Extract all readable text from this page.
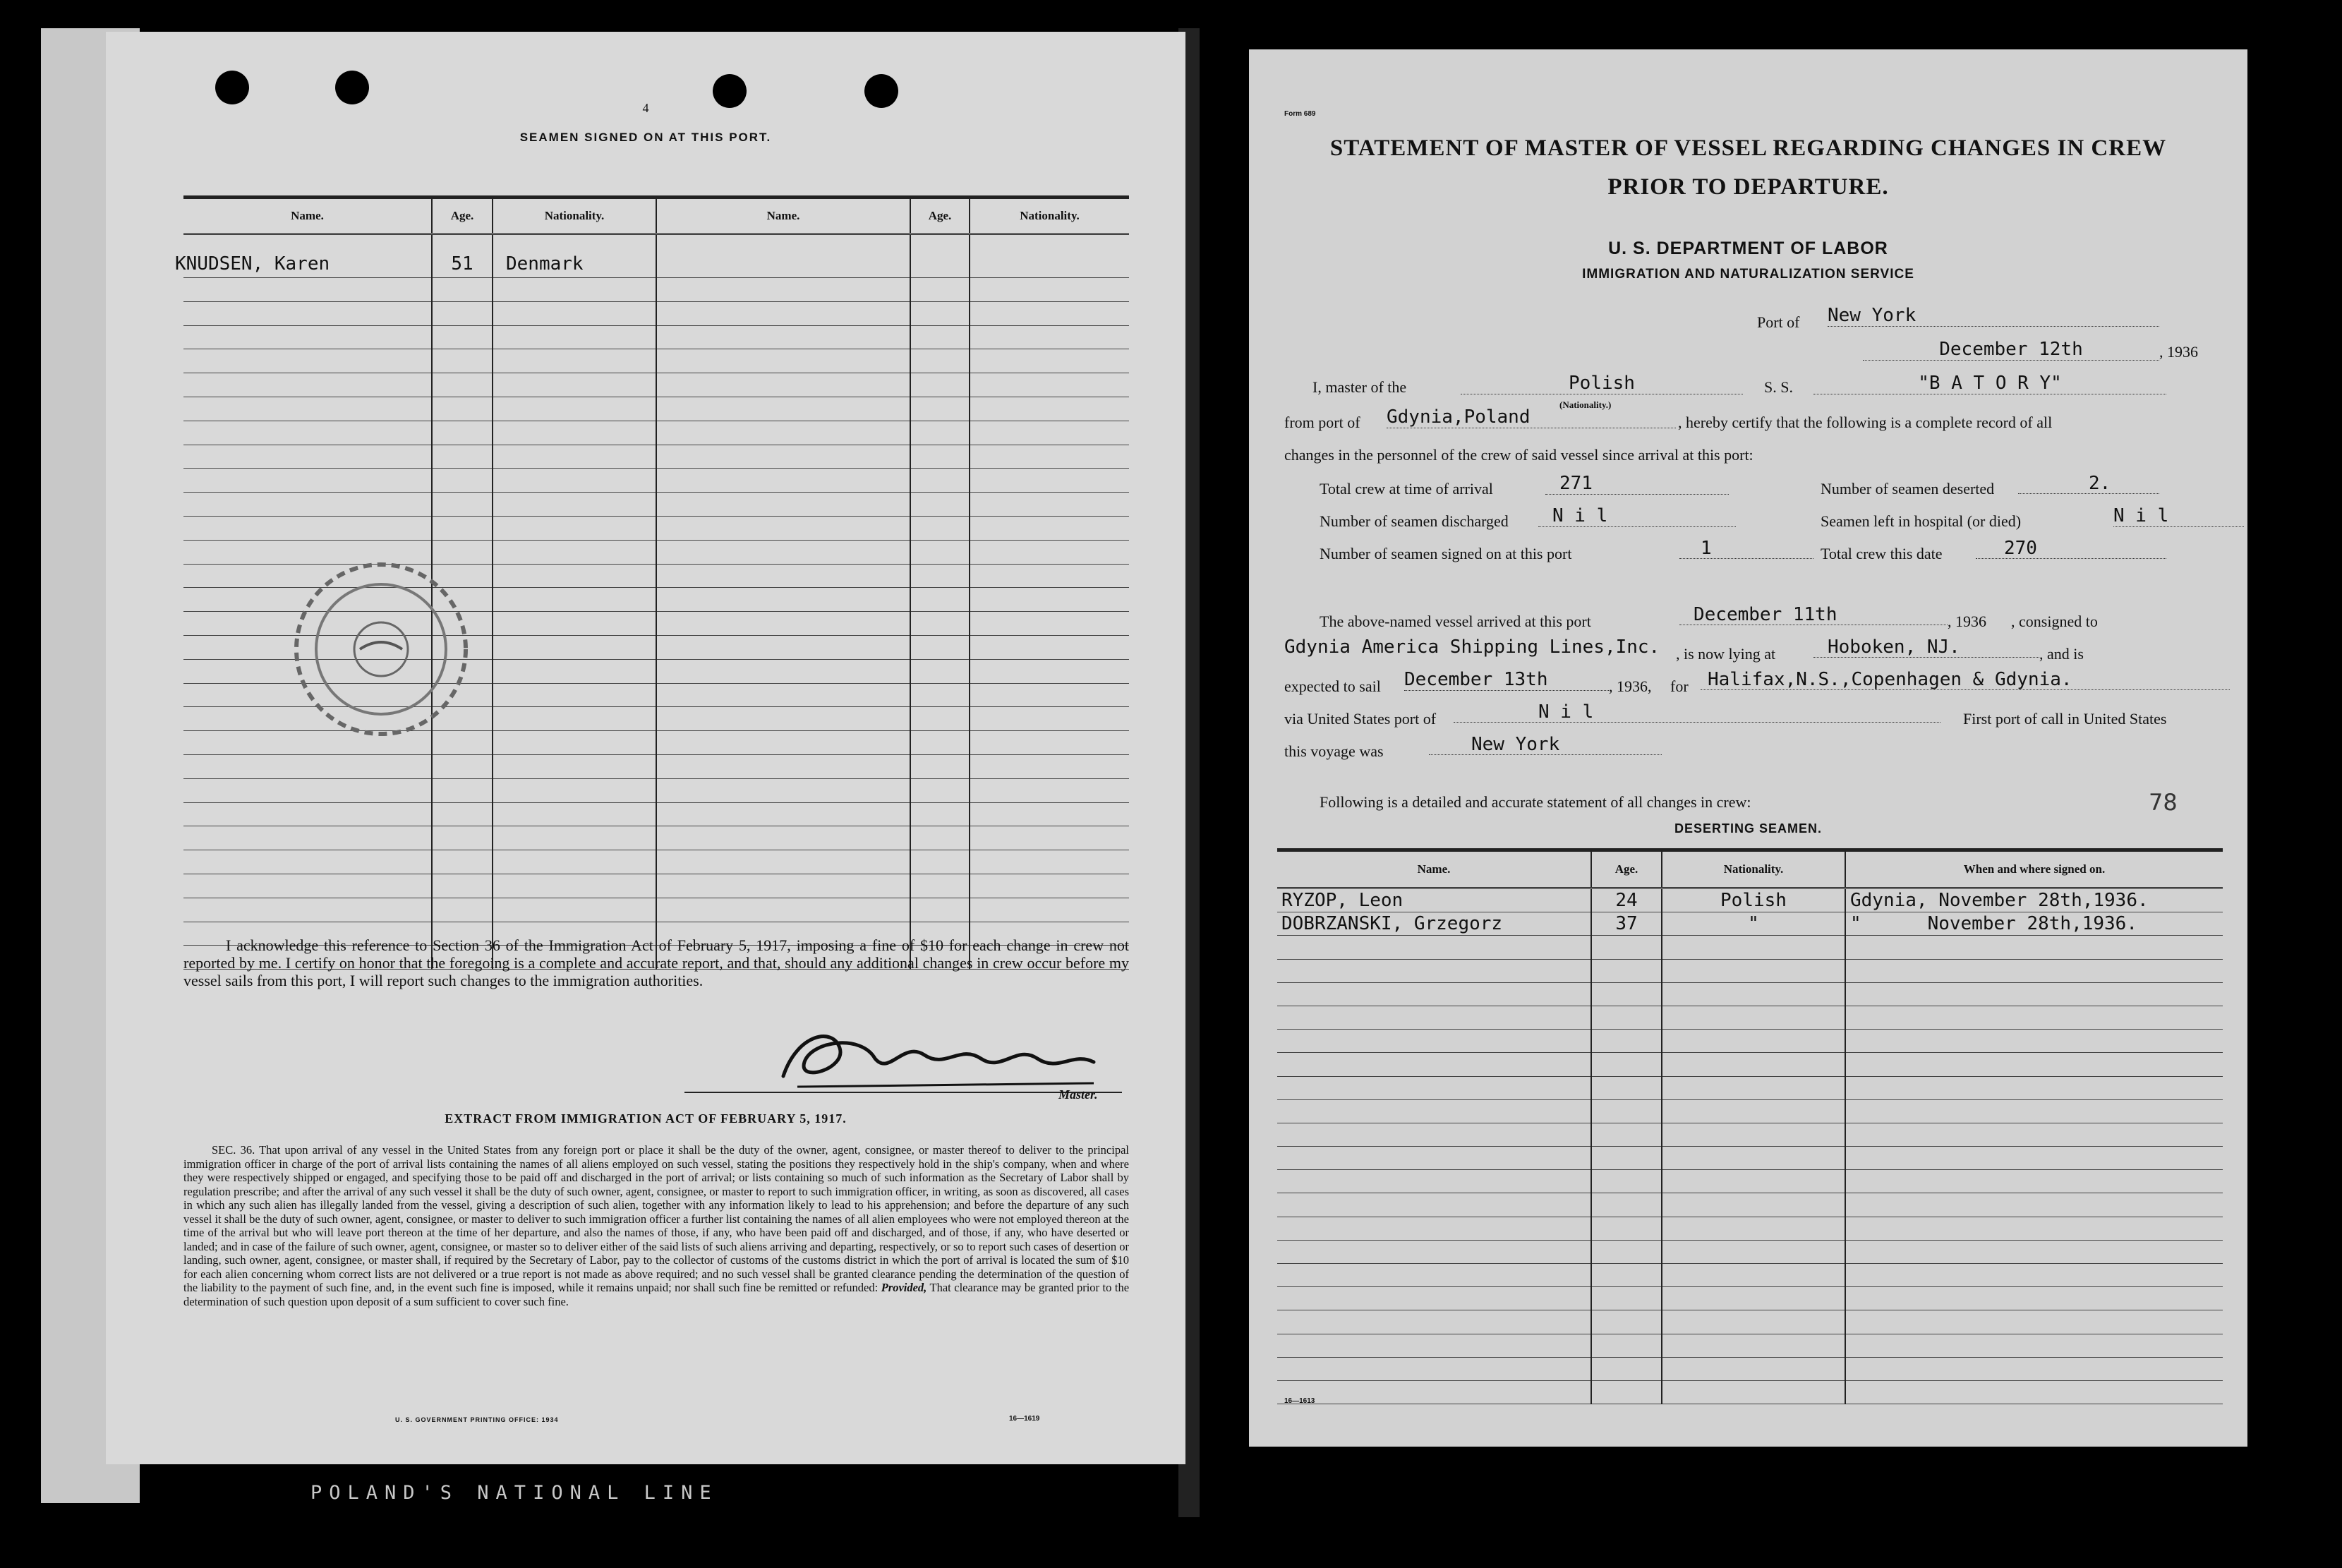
4
SEAMEN SIGNED ON AT THIS PORT.
Name.	Age.	Nationality.	Name.	Age.	Nationality.
KNUDSEN, Karen	51	Denmark			

I acknowledge this reference to Section 36 of the Immigration Act of February 5, 1917, imposing a fine of $10 for each change in crew not reported by me. I certify on honor that the foregoing is a complete and accurate report, and that, should any additional changes in crew occur before my vessel sails from this port, I will report such changes to the immigration authorities.
Master.
EXTRACT FROM IMMIGRATION ACT OF FEBRUARY 5, 1917.
SEC. 36. That upon arrival of any vessel in the United States from any foreign port or place it shall be the duty of the owner, agent, consignee, or master thereof to deliver to the principal immigration officer in charge of the port of arrival lists containing the names of all aliens employed on such vessel, stating the positions they respectively hold in the ship's company, when and where they were respectively shipped or engaged, and specifying those to be paid off and discharged in the port of arrival; or lists containing so much of such information as the Secretary of Labor shall by regulation prescribe; and after the arrival of any such vessel it shall be the duty of such owner, agent, consignee, or master to report to such immigration officer, in writing, as soon as discovered, all cases in which any such alien has illegally landed from the vessel, giving a description of such alien, together with any information likely to lead to his apprehension; and before the departure of any such vessel it shall be the duty of such owner, agent, consignee, or master to deliver to such immigration officer a further list containing the names of all alien employees who were not employed thereon at the time of the arrival but who will leave port thereon at the time of her departure, and also the names of those, if any, who have been paid off and discharged, and of those, if any, who have deserted or landed; and in case of the failure of such owner, agent, consignee, or master so to deliver either of the said lists of such aliens arriving and departing, respectively, or so to report such cases of desertion or landing, such owner, agent, consignee, or master shall, if required by the Secretary of Labor, pay to the collector of customs of the customs district in which the port of arrival is located the sum of $10 for each alien concerning whom correct lists are not delivered or a true report is not made as above required; and no such vessel shall be granted clearance pending the determination of the question of the liability to the payment of such fine, and, in the event such fine is imposed, while it remains unpaid; nor shall such fine be remitted or refunded: Provided, That clearance may be granted prior to the determination of such question upon deposit of a sum sufficient to cover such fine.
U. S. GOVERNMENT PRINTING OFFICE: 1934	16—1619
POLAND'S NATIONAL LINE
Form 689
STATEMENT OF MASTER OF VESSEL REGARDING CHANGES IN CREW
PRIOR TO DEPARTURE.
U. S. DEPARTMENT OF LABOR
IMMIGRATION AND NATURALIZATION SERVICE
Port of New York
December 12th	, 1936
I, master of the	Polish
(Nationality.)
S. S.	"B A T O R Y"
from port of Gdynia,Poland	, hereby certify that the following is a complete record of all
changes in the personnel of the crew of said vessel since arrival at this port:
Total crew at time of arrival	271	Number of seamen deserted	2.
Number of seamen discharged	N i l	Seamen left in hospital (or died)	N i l
Number of seamen signed on at this port	1	Total crew this date	270
The above-named vessel arrived at this port	December 11th	, 1936 , consigned to
Gdynia America Shipping Lines,Inc.	, is now lying at	Hoboken, NJ.	, and is
expected to sail December 13th	, 1936, for	Halifax,N.S.,Copenhagen & Gdynia.
via United States port of	N i l	First port of call in United States
this voyage was	New York
Following is a detailed and accurate statement of all changes in crew:	78
DESERTING SEAMEN.
Name.	Age.	Nationality.	When and where signed on.
RYZOP, Leon	24	Polish	Gdynia, November 28th,1936.
DOBRZANSKI, Grzegorz	37	"	"      November 28th,1936.

16—1613
